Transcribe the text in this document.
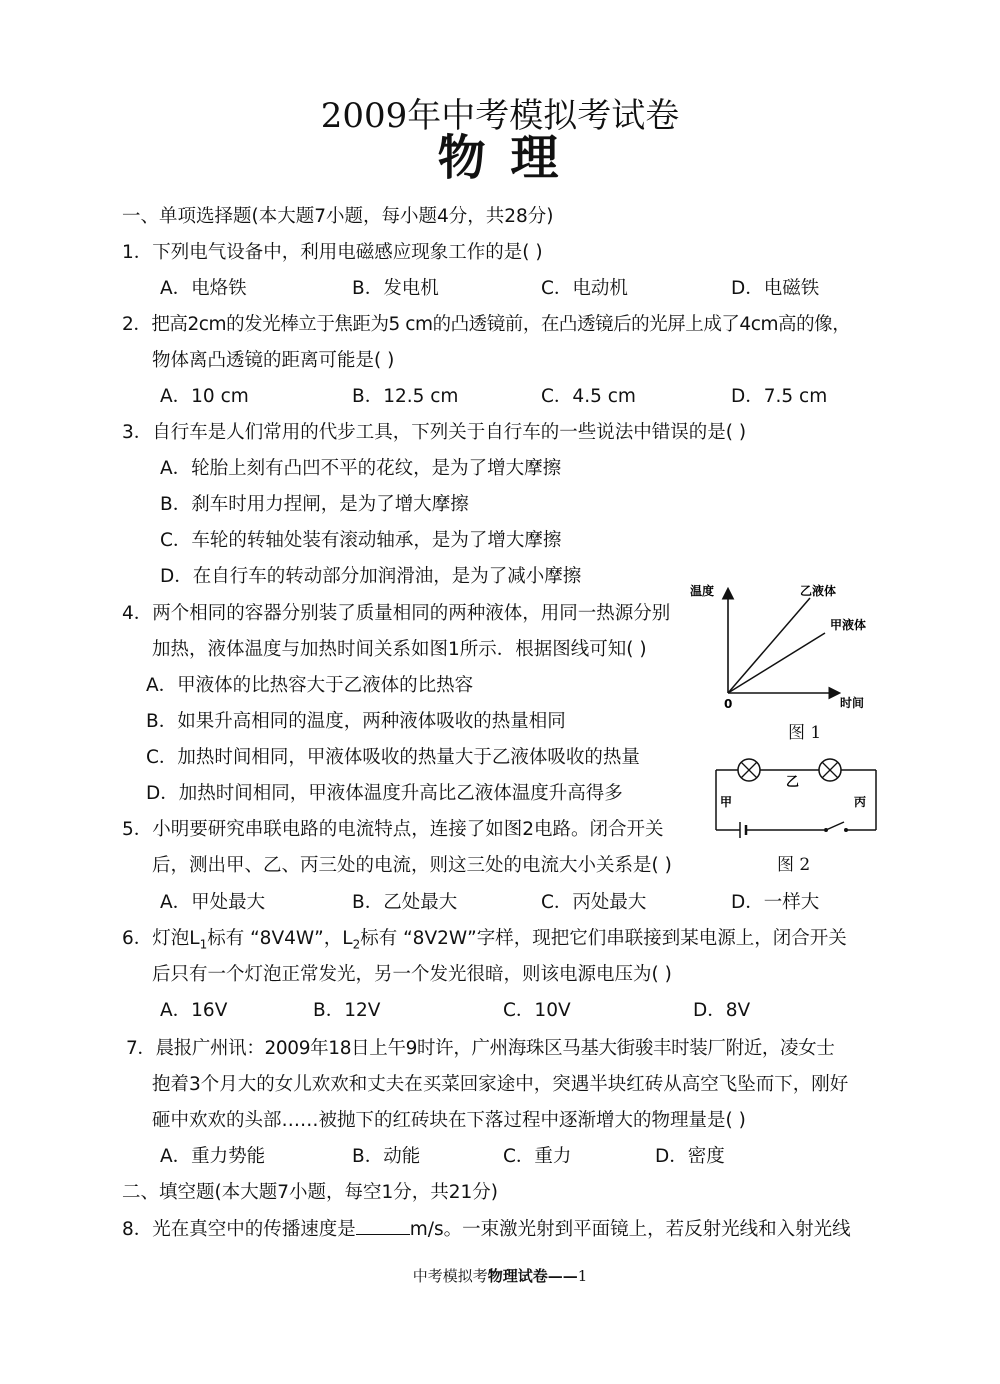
2009年中考模拟考试卷
物 理
一、单项选择题(本大题7小题，每小题4分，共28分)
1．下列电气设备中，利用电磁感应现象工作的是( )
A．电烙铁	B．发电机	C．电动机	D．电磁铁
2．把高2cm的发光棒立于焦距为5 cm的凸透镜前，在凸透镜后的光屏上成了4cm高的像，
物体离凸透镜的距离可能是( )
A．10 cm	B．12.5 cm	C．4.5 cm	D．7.5 cm
3．自行车是人们常用的代步工具，下列关于自行车的一些说法中错误的是( )
A．轮胎上刻有凸凹不平的花纹，是为了增大摩擦
B．刹车时用力捏闸，是为了增大摩擦
C．车轮的转轴处装有滚动轴承，是为了增大摩擦
D．在自行车的转动部分加润滑油，是为了减小摩擦
4．两个相同的容器分别装了质量相同的两种液体，用同一热源分别
加热，液体温度与加热时间关系如图1所示．根据图线可知( )
A．甲液体的比热容大于乙液体的比热容
B．如果升高相同的温度，两种液体吸收的热量相同
C．加热时间相同，甲液体吸收的热量大于乙液体吸收的热量
D．加热时间相同，甲液体温度升高比乙液体温度升高得多
温度
时间
0
乙液体
甲液体
图 1
甲
乙
丙
图 2
5．小明要研究串联电路的电流特点，连接了如图2电路。闭合开关
后，测出甲、乙、丙三处的电流，则这三处的电流大小关系是( )
A．甲处最大	B．乙处最大	C．丙处最大	D．一样大
6．灯泡$L_1$标有 “8V4W”，$L_2$标有 “8V2W”字样，现把它们串联接到某电源上，闭合开关
后只有一个灯泡正常发光，另一个发光很暗，则该电源电压为( )
A．16V	B．12V	C．10V	D．8V
7．晨报广州讯：2009年18日上午9时许，广州海珠区马基大街骏丰时装厂附近，凌女士
抱着3个月大的女儿欢欢和丈夫在买菜回家途中，突遇半块红砖从高空飞坠而下，刚好
砸中欢欢的头部……被抛下的红砖块在下落过程中逐渐增大的物理量是( )
A．重力势能	B．动能	C．重力	D．密度
二、填空题(本大题7小题，每空1分，共21分)
8．光在真空中的传播速度是	m/s。一束激光射到平面镜上，若反射光线和入射光线
中考模拟考物理试卷——1
